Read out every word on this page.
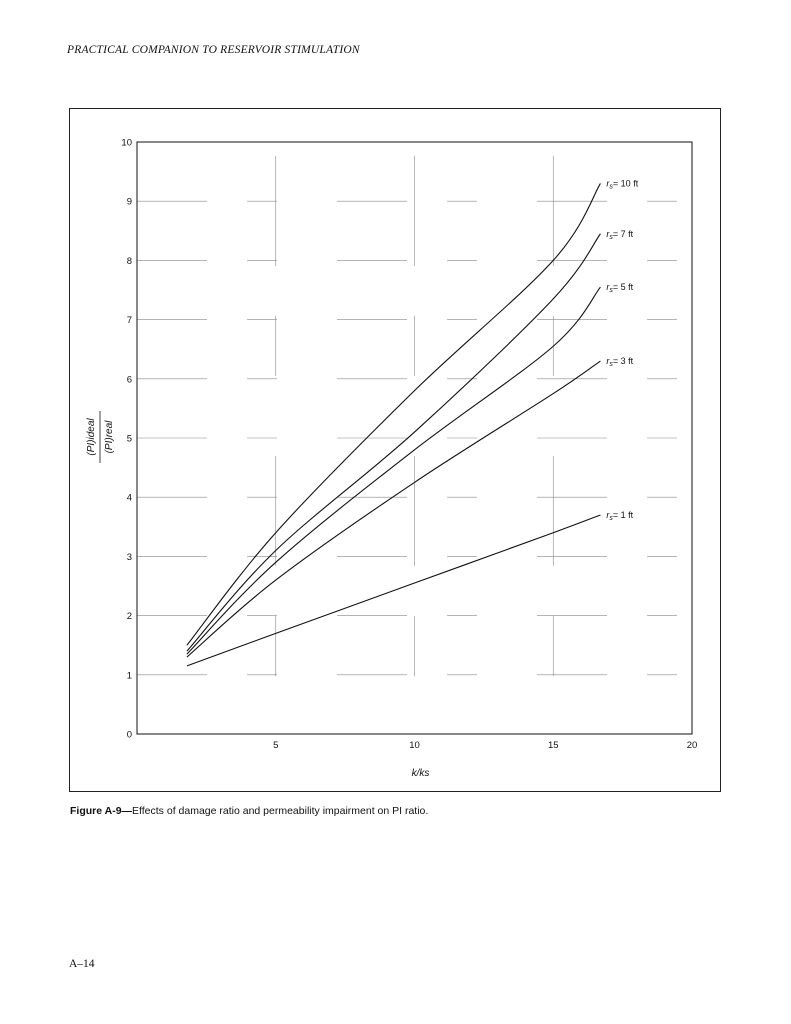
PRACTICAL COMPANION TO RESERVOIR STIMULATION
0
1
2
3
4
5
6
7
8
9
10
5	10	15	20
$r_s= 1$ ft
$r_s= 3$ ft
$r_s= 5$ ft
$r_s= 7$ ft
$r_s= 10$ ft
k/ks
(PI)ideal (PI)real
Figure A-9—Effects of damage ratio and permeability impairment on PI ratio.
A–14
